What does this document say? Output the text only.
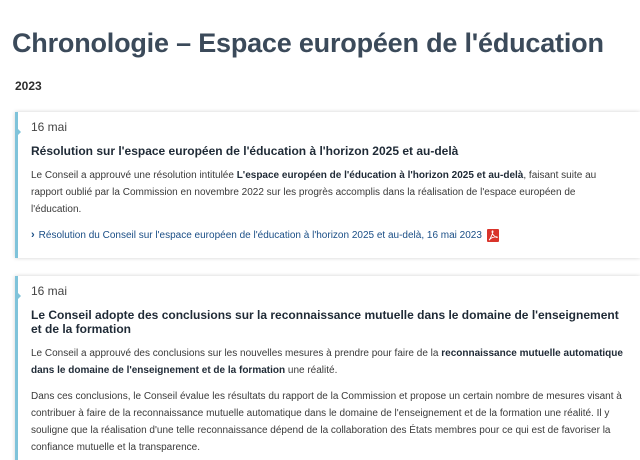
Chronologie – Espace européen de l'éducation
2023
16 mai
Résolution sur l'espace européen de l'éducation à l'horizon 2025 et au-delà

Le Conseil a approuvé une résolution intitulée L'espace européen de l'éducation à l'horizon 2025 et au-delà, faisant suite au rapport oublié par la Commission en novembre 2022 sur les progrès accomplis dans la réalisation de l'espace européen de l'éducation.

› Résolution du Conseil sur l'espace européen de l'éducation à l'horizon 2025 et au-delà, 16 mai 2023
16 mai
Le Conseil adopte des conclusions sur la reconnaissance mutuelle dans le domaine de l'enseignement et de la formation

Le Conseil a approuvé des conclusions sur les nouvelles mesures à prendre pour faire de la reconnaissance mutuelle automatique dans le domaine de l'enseignement et de la formation une réalité.

Dans ces conclusions, le Conseil évalue les résultats du rapport de la Commission et propose un certain nombre de mesures visant à contribuer à faire de la reconnaissance mutuelle automatique dans le domaine de l'enseignement et de la formation une réalité. Il y souligne que la réalisation d'une telle reconnaissance dépend de la collaboration des États membres pour ce qui est de favoriser la confiance mutuelle et la transparence.
